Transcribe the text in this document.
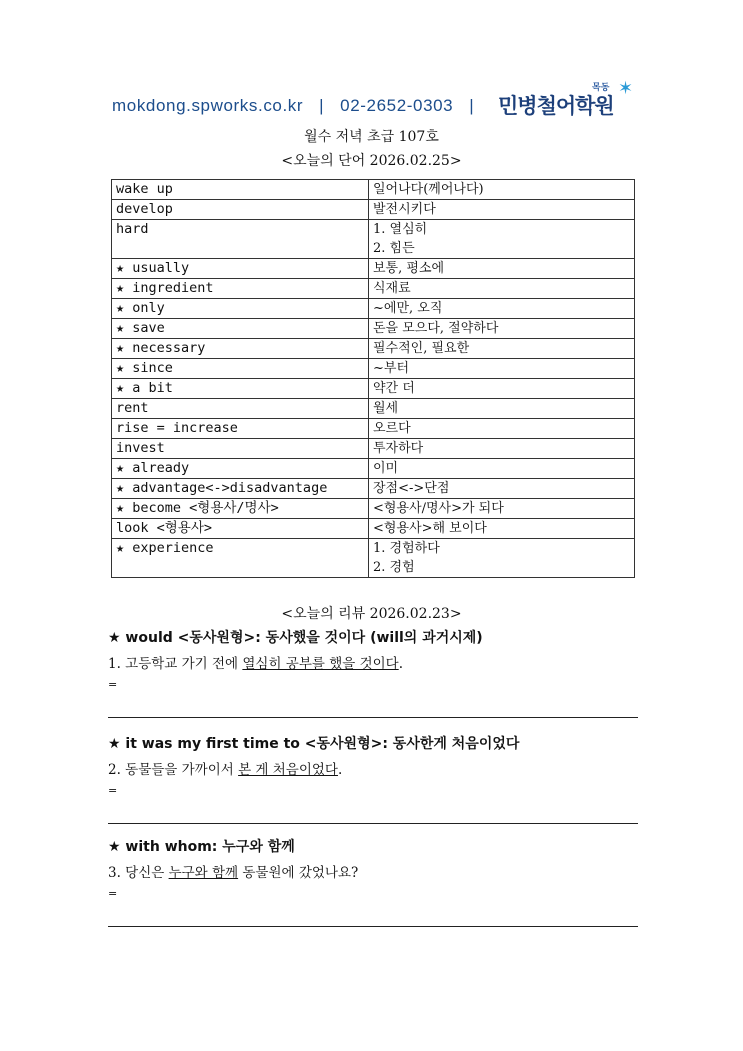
mokdong.spworks.co.kr | 02-2652-0303 |
목동 ✶
민병철어학원
월수 저녁 초급 107호
<오늘의 단어 2026.02.25>
wake up	일어나다(께어나다)

develop	발전시키다

hard	1. 열심히
2. 힘든

★ usually	보통, 평소에

★ ingredient	식재료

★ only	~에만, 오직

★ save	돈을 모으다, 절약하다

★ necessary	필수적인, 필요한

★ since	~부터

★ a bit	약간 더

rent	월세

rise = increase	오르다

invest	투자하다

★ already	이미

★ advantage<->disadvantage	장점<->단점

★ become <형용사/명사>	<형용사/명사>가 되다

look <형용사>	<형용사>해 보이다

★ experience	1. 경험하다
2. 경험
<오늘의 리뷰 2026.02.23>
★ would <동사원형>: 동사했을 것이다 (will의 과거시제)
1. 고등학교 가기 전에 열심히 공부를 했을 것이다.
=
★ it was my first time to <동사원형>: 동사한게 처음이었다
2. 동물들을 가까이서 본 게 처음이었다.
=
★ with whom: 누구와 함께
3. 당신은 누구와 함께 동물원에 갔었나요?
=
